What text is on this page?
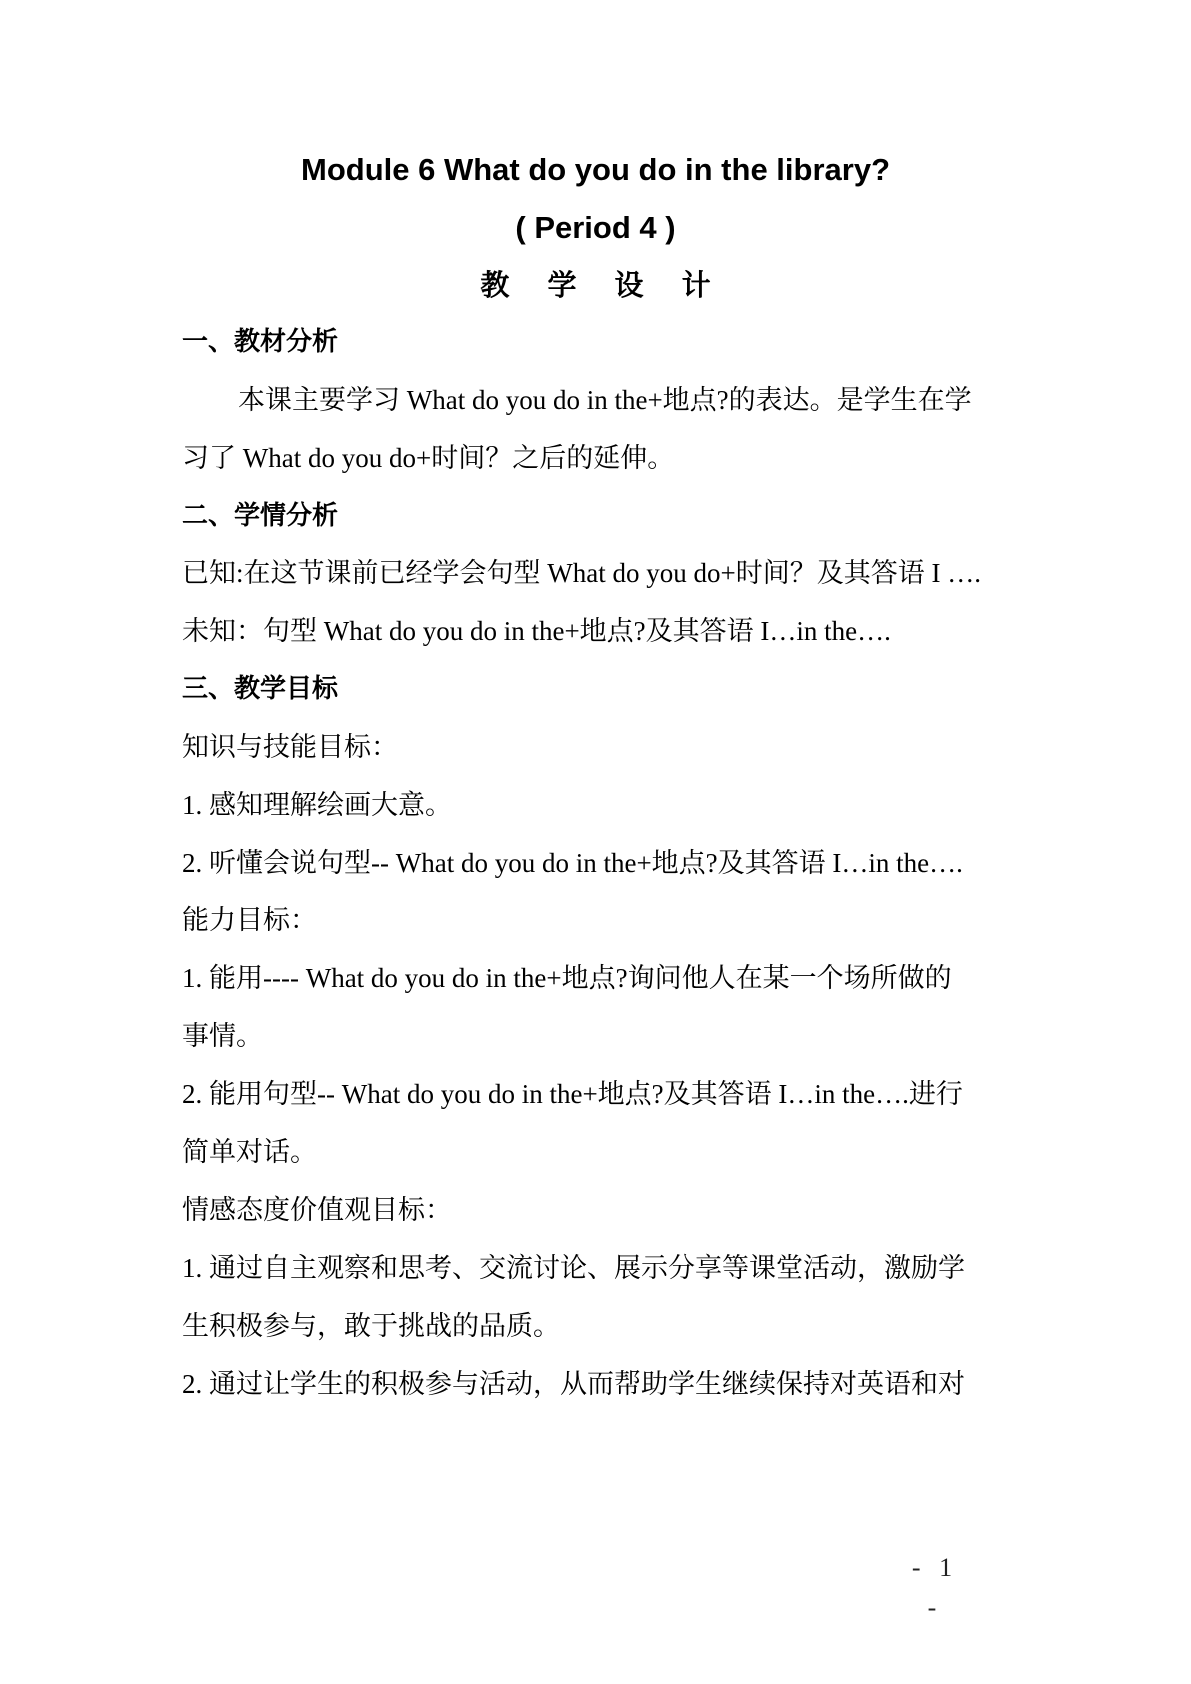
Module 6 What do you do in the library?
( Period 4 )
教 学 设 计
一、教材分析
本课主要学习 What do you do in the+地点?的表达。是学生在学
习了 What do you do+时间？之后的延伸。
二、学情分析
已知:在这节课前已经学会句型 What do you do+时间？及其答语 I ….
未知：句型 What do you do in the+地点?及其答语 I…in the….
三、教学目标
知识与技能目标：
1. 感知理解绘画大意。
2. 听懂会说句型-- What do you do in the+地点?及其答语 I…in the….
能力目标：
1. 能用---- What do you do in the+地点?询问他人在某一个场所做的
事情。
2. 能用句型-- What do you do in the+地点?及其答语 I…in the….进行
简单对话。
情感态度价值观目标：
1. 通过自主观察和思考、交流讨论、展示分享等课堂活动，激励学
生积极参与，敢于挑战的品质。
2. 通过让学生的积极参与活动，从而帮助学生继续保持对英语和对
- 1 -
